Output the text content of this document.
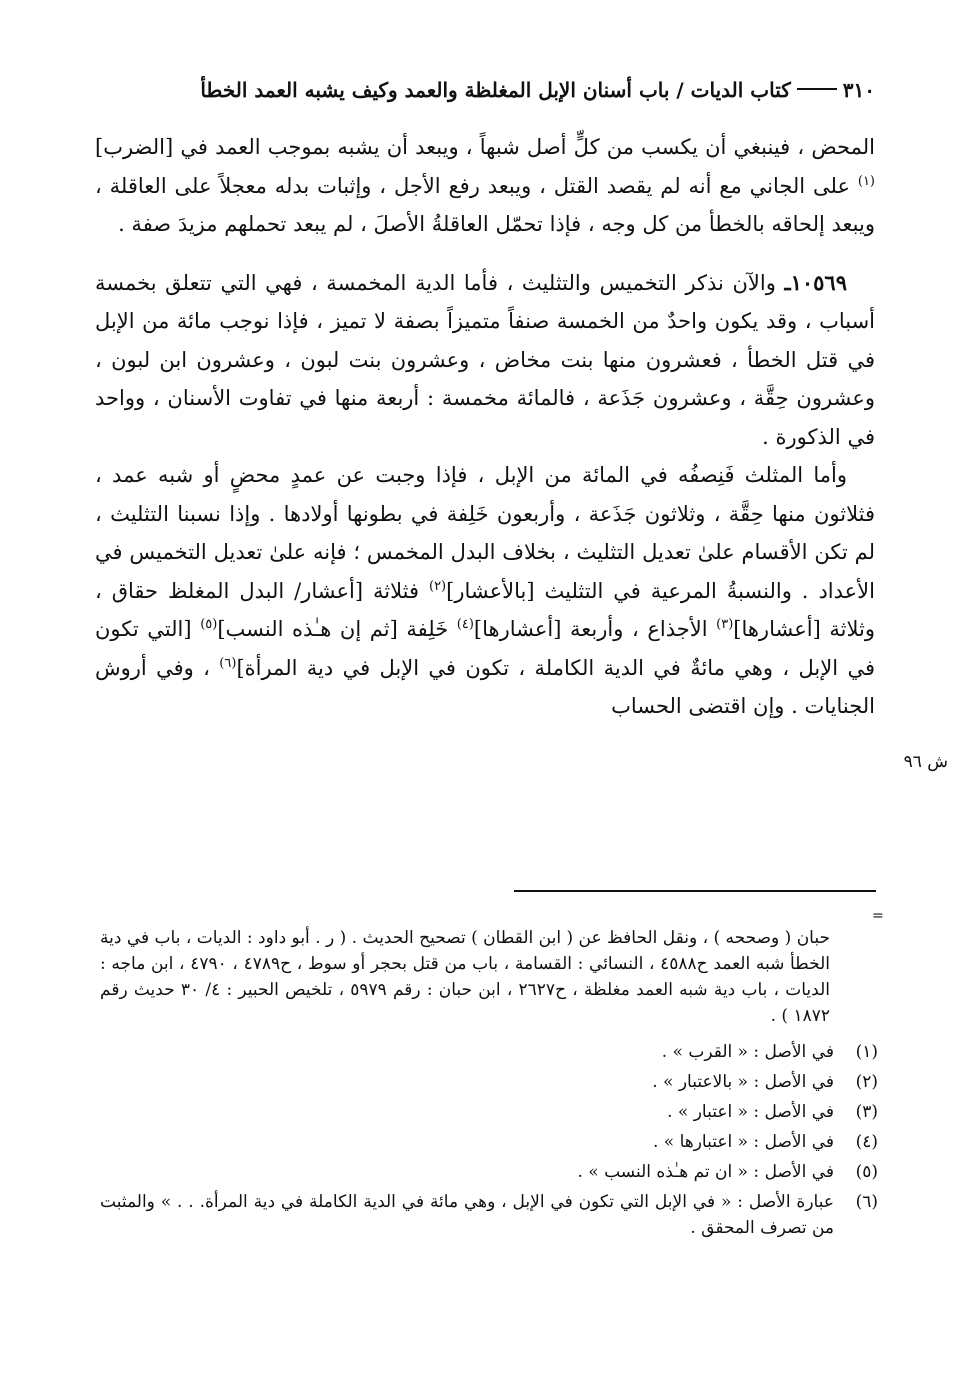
٣١٠كتاب الديات / باب أسنان الإبل المغلظة والعمد وكيف يشبه العمد الخطأ

المحض ، فينبغي أن يكسب من كلٍّ أصل شبهاً ، ويبعد أن يشبه بموجب العمد في [الضرب]$^{(١)}$ على الجاني مع أنه لم يقصد القتل ، ويبعد رفع الأجل ، وإثبات بدله معجلاً على العاقلة ، ويبعد إلحاقه بالخطأ من كل وجه ، فإذا تحمّل العاقلةُ الأصلَ ، لم يبعد تحملهم مزيدَ صفة .

١٠٥٦٩ـ والآن نذكر التخميس والتثليث ، فأما الدية المخمسة ، فهي التي تتعلق بخمسة أسباب ، وقد يكون واحدٌ من الخمسة صنفاً متميزاً بصفة لا تميز ، فإذا نوجب مائة من الإبل في قتل الخطأ ، فعشرون منها بنت مخاض ، وعشرون بنت لبون ، وعشرون ابن لبون ، وعشرون حِقَّة ، وعشرون جَذَعة ، فالمائة مخمسة : أربعة منها في تفاوت الأسنان ، وواحد في الذكورة .

وأما المثلث فَنِصفُه في المائة من الإبل ، فإذا وجبت عن عمدٍ محضٍ أو شبه عمد ، فثلاثون منها حِقَّة ، وثلاثون جَذَعة ، وأربعون خَلِفة في بطونها أولادها . وإذا نسبنا التثليث ، لم تكن الأقسام علىٰ تعديل التثليث ، بخلاف البدل المخمس ؛ فإنه علىٰ تعديل التخميس في الأعداد . والنسبةُ المرعية في التثليث [بالأعشار]$^{(٢)}$ فثلاثة [أعشار/ البدل المغلظ حقاق ، وثلاثة [أعشارها]$^{(٣)}$ الأجذاع ، وأربعة [أعشارها]$^{(٤)}$ خَلِفة [ثم إن هـٰذه النسب]$^{(٥)}$ [التي تكون في الإبل ، وهي مائةٌ في الدية الكاملة ، تكون في الإبل في دية المرأة]$^{(٦)}$ ، وفي أروش الجنايات . وإن اقتضى الحساب

ش ٩٦
=
حبان ( وصححه ) ، ونقل الحافظ عن ( ابن القطان ) تصحيح الحديث . ( ر . أبو داود : الديات ، باب في دية الخطأ شبه العمد ح٤٥٨٨ ، النسائي : القسامة ، باب من قتل بحجر أو سوط ، ح٤٧٨٩ ، ٤٧٩٠ ، ابن ماجه : الديات ، باب دية شبه العمد مغلظة ، ح٢٦٢٧ ، ابن حبان : رقم ٥٩٧٩ ، تلخيص الحبير : ٤/ ٣٠ حديث رقم ١٨٧٢ ) .
(١)
في الأصل : « القرب » .
(٢)
في الأصل : « بالاعتبار » .
(٣)
في الأصل : « اعتبار » .
(٤)
في الأصل : « اعتبارها » .
(٥)
في الأصل : « ان تم هـٰذه النسب » .
(٦)
عبارة الأصل : « في الإبل التي تكون في الإبل ، وهي مائة في الدية الكاملة في دية المرأة. . . » والمثبت من تصرف المحقق .
